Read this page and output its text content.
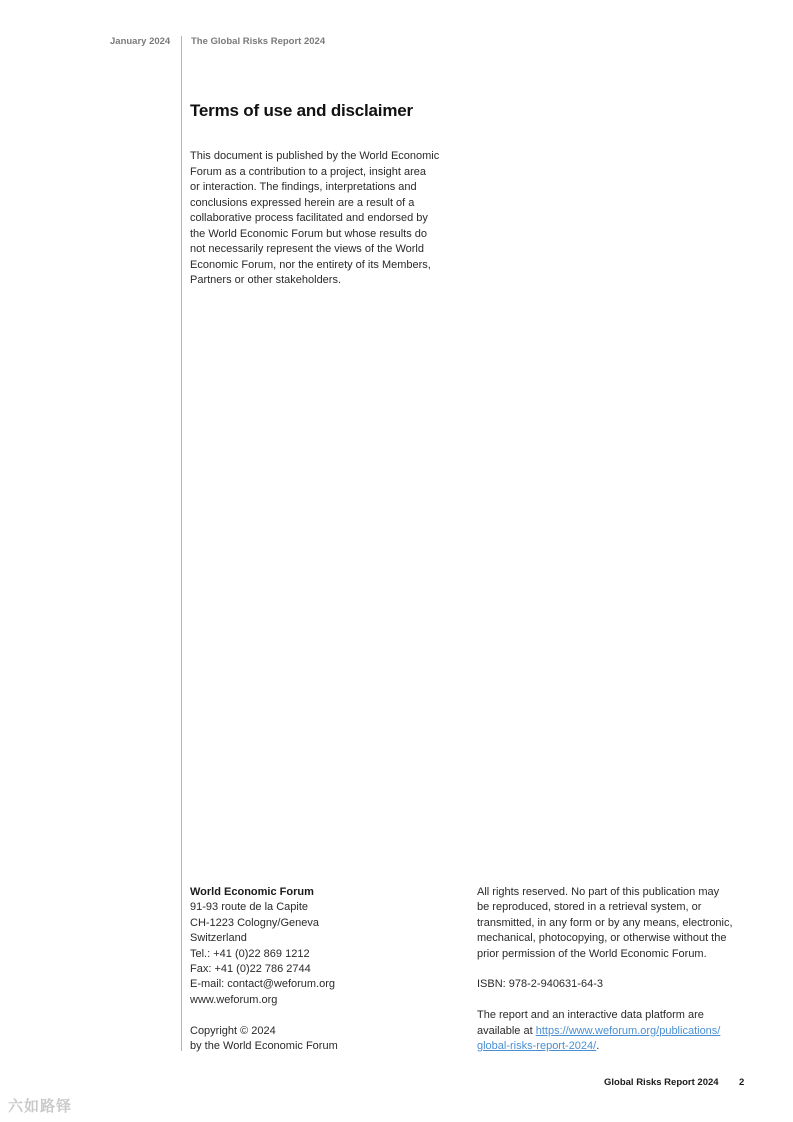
January 2024 The Global Risks Report 2024
Terms of use and disclaimer

This document is published by the World Economic
Forum as a contribution to a project, insight area
or interaction. The findings, interpretations and
conclusions expressed herein are a result of a
collaborative process facilitated and endorsed by
the World Economic Forum but whose results do
not necessarily represent the views of the World
Economic Forum, nor the entirety of its Members,
Partners or other stakeholders.

World Economic Forum
91-93 route de la Capite
CH-1223 Cologny/Geneva
Switzerland
Tel.: +41 (0)22 869 1212
Fax: +41 (0)22 786 2744
E-mail: contact@weforum.org
www.weforum.org
Copyright © 2024
by the World Economic Forum
All rights reserved. No part of this publication may
be reproduced, stored in a retrieval system, or
transmitted, in any form or by any means, electronic,
mechanical, photocopying, or otherwise without the
prior permission of the World Economic Forum.
ISBN: 978-2-940631-64-3
The report and an interactive data platform are
available at https://www.weforum.org/publications/
global-risks-report-2024/.
Global Risks Report 2024 2
六如路铎
